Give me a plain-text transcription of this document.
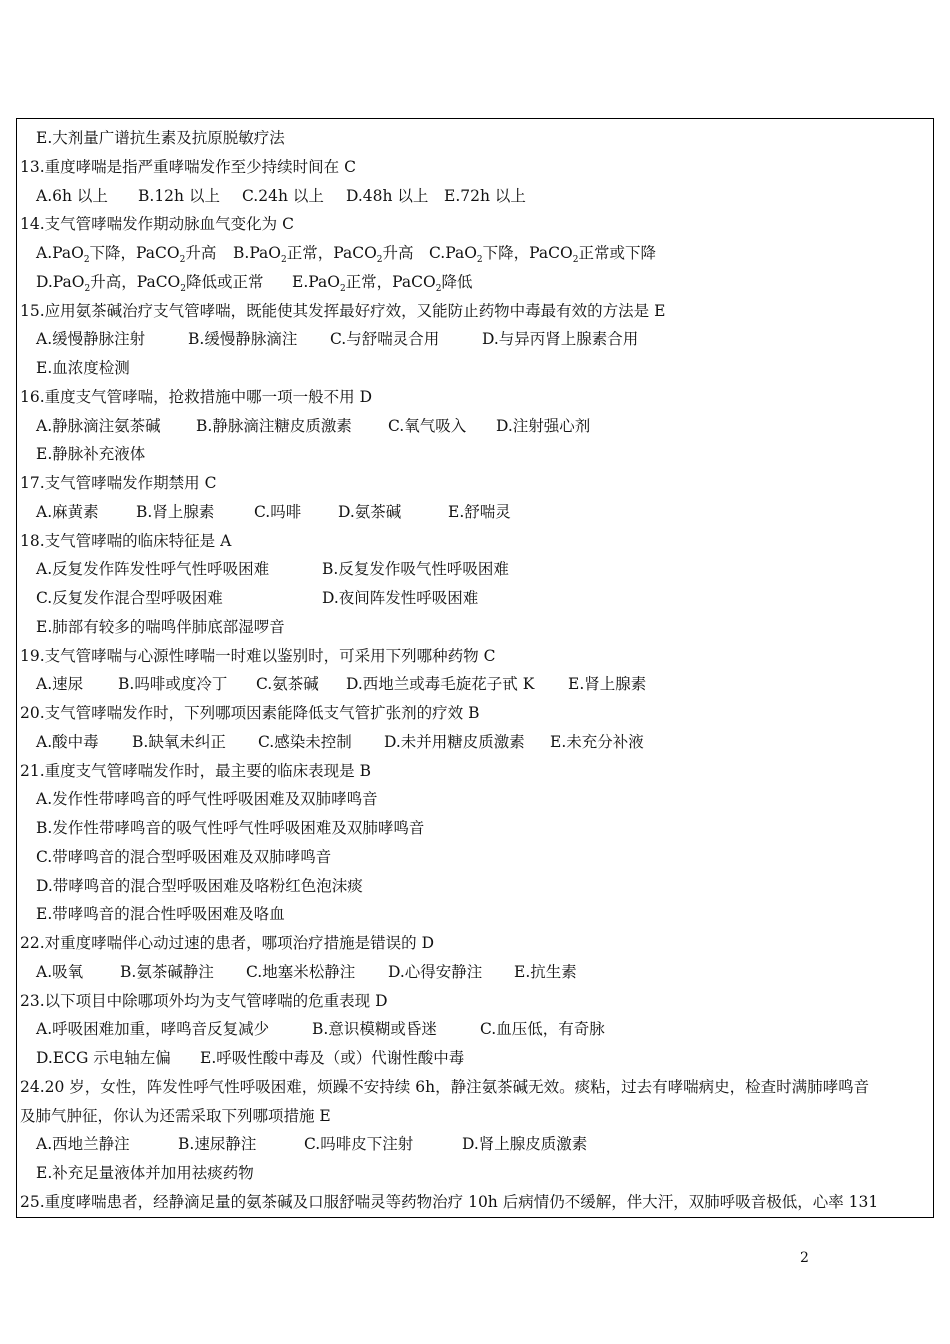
E.大剂量广谱抗生素及抗原脱敏疗法
13.重度哮喘是指严重哮喘发作至少持续时间在 C
A.6h 以上 B.12h 以上 C.24h 以上 D.48h 以上 E.72h 以上
14.支气管哮喘发作期动脉血气变化为 C
A.PaO$_2$下降，PaCO$_2$升高 B.PaO$_2$正常，PaCO$_2$升高 C.PaO$_2$下降，PaCO$_2$正常或下降
D.PaO$_2$升高，PaCO$_2$降低或正常 E.PaO$_2$正常，PaCO$_2$降低
15.应用氨茶碱治疗支气管哮喘，既能使其发挥最好疗效，又能防止药物中毒最有效的方法是 E
A.缓慢静脉注射	B.缓慢静脉滴注 C.与舒喘灵合用	D.与异丙肾上腺素合用
E.血浓度检测
16.重度支气管哮喘，抢救措施中哪一项一般不用 D
A.静脉滴注氨茶碱 B.静脉滴注糖皮质激素 C.氧气吸入 D.注射强心剂
E.静脉补充液体
17.支气管哮喘发作期禁用 C
A.麻黄素 B.肾上腺素	C.吗啡 D.氨茶碱	E.舒喘灵
18.支气管哮喘的临床特征是 A
A.反复发作阵发性呼气性呼吸困难	B.反复发作吸气性呼吸困难
C.反复发作混合型呼吸困难	D.夜间阵发性呼吸困难
E.肺部有较多的喘鸣伴肺底部湿啰音
19.支气管哮喘与心源性哮喘一时难以鉴别时，可采用下列哪种药物 C
A.速尿 B.吗啡或度冷丁 C.氨茶碱 D.西地兰或毒毛旋花子甙 K E.肾上腺素
20.支气管哮喘发作时，下列哪项因素能降低支气管扩张剂的疗效 B
A.酸中毒 B.缺氧未纠正 C.感染未控制 D.未并用糖皮质激素 E.未充分补液
21.重度支气管哮喘发作时，最主要的临床表现是 B
A.发作性带哮鸣音的呼气性呼吸困难及双肺哮鸣音
B.发作性带哮鸣音的吸气性呼气性呼吸困难及双肺哮鸣音
C.带哮鸣音的混合型呼吸困难及双肺哮鸣音
D.带哮鸣音的混合型呼吸困难及咯粉红色泡沫痰
E.带哮鸣音的混合性呼吸困难及咯血
22.对重度哮喘伴心动过速的患者，哪项治疗措施是错误的 D
A.吸氧 B.氨茶碱静注 C.地塞米松静注 D.心得安静注 E.抗生素
23.以下项目中除哪项外均为支气管哮喘的危重表现 D
A.呼吸困难加重，哮鸣音反复减少	B.意识模糊或昏迷	C.血压低，有奇脉
D.ECG 示电轴左偏 E.呼吸性酸中毒及（或）代谢性酸中毒
24.20 岁，女性，阵发性呼气性呼吸困难，烦躁不安持续 6h，静注氨茶碱无效。痰粘，过去有哮喘病史，检查时满肺哮鸣音
及肺气肿征，你认为还需采取下列哪项措施 E
A.西地兰静注	B.速尿静注	C.吗啡皮下注射	D.肾上腺皮质激素
E.补充足量液体并加用祛痰药物
25.重度哮喘患者，经静滴足量的氨茶碱及口服舒喘灵等药物治疗 10h 后病情仍不缓解，伴大汗，双肺呼吸音极低，心率 131
2
